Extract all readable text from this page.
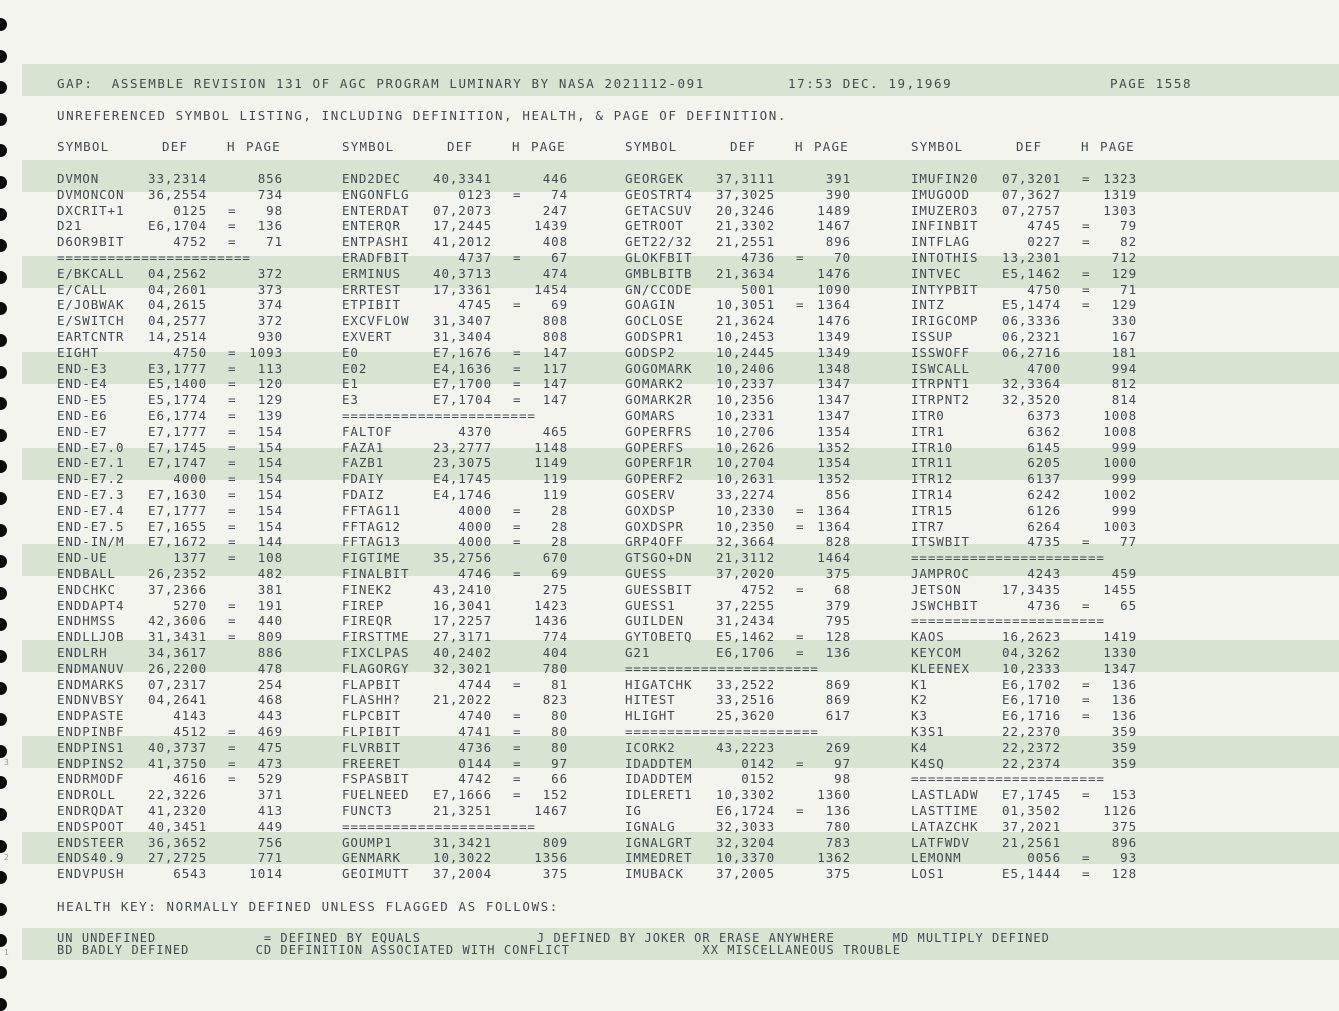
3
2
1
GAP:  ASSEMBLE REVISION 131 OF AGC PROGRAM LUMINARY BY NASA 2021112-091	17:53 DEC. 19,1969	PAGE 1558
UNREFERENCED SYMBOL LISTING, INCLUDING DEFINITION, HEALTH, & PAGE OF DEFINITION.
SYMBOL	DEF	H PAGE	SYMBOL	DEF	H PAGE	SYMBOL	DEF	H PAGE	SYMBOL	DEF	H PAGE
DVMON	33,2314	856
DVMONCON 36,2554	734
DXCRIT+1	0125 = 98
D21	E6,1704 = 136
D6OR9BIT	4752 = 71
=======================
E/BKCALL 04,2562	372
E/CALL	04,2601	373
E/JOBWAK 04,2615	374
E/SWITCH 04,2577	372
EARTCNTR 14,2514	930
EIGHT	4750 = 1093
END-E3	E3,1777 = 113
END-E4	E5,1400 = 120
END-E5	E5,1774 = 129
END-E6	E6,1774 = 139
END-E7	E7,1777 = 154
END-E7.0 E7,1745 = 154
END-E7.1 E7,1747 = 154
END-E7.2	4000 = 154
END-E7.3 E7,1630 = 154
END-E7.4 E7,1777 = 154
END-E7.5 E7,1655 = 154
END-IN/M E7,1672 = 144
END-UE	1377 = 108
ENDBALL	26,2352	482
ENDCHKC	37,2366	381
ENDDAPT4	5270 = 191
ENDHMSS	42,3606 = 440
ENDLLJOB 31,3431 = 809
ENDLRH	34,3617	886
ENDMANUV 26,2200	478
ENDMARKS 07,2317	254
ENDNVBSY 04,2641	468
ENDPASTE	4143	443
ENDPINBF	4512 = 469
ENDPINS1 40,3737 = 475
ENDPINS2 41,3750 = 473
ENDRMODF	4616 = 529
ENDROLL	22,3226	371
ENDRQDAT 41,2320	413
ENDSPOOT 40,3451	449
ENDSTEER 36,3652	756
ENDS40.9 27,2725	771
ENDVPUSH	6543	1014
END2DEC	40,3341	446
ENGONFLG	0123 = 74
ENTERDAT 07,2073	247
ENTERQR	17,2445	1439
ENTPASHI 41,2012	408
ERADFBIT	4737 = 67
ERMINUS	40,3713	474
ERRTEST	17,3361	1454
ETPIBIT	4745 = 69
EXCVFLOW 31,3407	808
EXVERT	31,3404	808
E0	E7,1676 = 147
E02	E4,1636 = 117
E1	E7,1700 = 147
E3	E7,1704 = 147
=======================
FALTOF	4370	465
FAZA1	23,2777	1148
FAZB1	23,3075	1149
FDAIY	E4,1745	119
FDAIZ	E4,1746	119
FFTAG11	4000 = 28
FFTAG12	4000 = 28
FFTAG13	4000 = 28
FIGTIME	35,2756	670
FINALBIT	4746 = 69
FINEK2	43,2410	275
FIREP	16,3041	1423
FIREQR	17,2257	1436
FIRSTTME 27,3171	774
FIXCLPAS 40,2402	404
FLAGORGY 32,3021	780
FLAPBIT	4744 = 81
FLASHH?	21,2022	823
FLPCBIT	4740 = 80
FLPIBIT	4741 = 80
FLVRBIT	4736 = 80
FREERET	0144 = 97
FSPASBIT	4742 = 66
FUELNEED E7,1666 = 152
FUNCT3	21,3251	1467
=======================
GOUMP1	31,3421	809
GENMARK	10,3022	1356
GEOIMUTT 37,2004	375
GEORGEK	37,3111	391
GEOSTRT4 37,3025	390
GETACSUV 20,3246	1489
GETROOT	21,3302	1467
GET22/32 21,2551	896
GLOKFBIT	4736 = 70
GMBLBITB 21,3634	1476
GN/CCODE	5001	1090
GOAGIN	10,3051 = 1364
GOCLOSE	21,3624	1476
GODSPR1	10,2453	1349
GODSP2	10,2445	1349
GOGOMARK 10,2406	1348
GOMARK2	10,2337	1347
GOMARK2R 10,2356	1347
GOMARS	10,2331	1347
GOPERFRS 10,2706	1354
GOPERFS	10,2626	1352
GOPERF1R 10,2704	1354
GOPERF2	10,2631	1352
GOSERV	33,2274	856
GOXDSP	10,2330 = 1364
GOXDSPR	10,2350 = 1364
GRP4OFF	32,3664	828
GTSGO+DN 21,3112	1464
GUESS	37,2020	375
GUESSBIT	4752 = 68
GUESS1	37,2255	379
GUILDEN	31,2434	795
GYTOBETQ E5,1462 = 128
G21	E6,1706 = 136
=======================
HIGATCHK 33,2522	869
HITEST	33,2516	869
HLIGHT	25,3620	617
=======================
ICORK2	43,2223	269
IDADDTEM	0142 = 97
IDADDTEM	0152	98
IDLERET1 10,3302	1360
IG	E6,1724 = 136
IGNALG	32,3033	780
IGNALGRT 32,3204	783
IMMEDRET 10,3370	1362
IMUBACK	37,2005	375
IMUFIN20 07,3201 = 1323
IMUGOOD	07,3627	1319
IMUZERO3 07,2757	1303
INFINBIT	4745 = 79
INTFLAG	0227 = 82
INTOTHIS 13,2301	712
INTVEC	E5,1462 = 129
INTYPBIT	4750 = 71
INTZ	E5,1474 = 129
IRIGCOMP 06,3336	330
ISSUP	06,2321	167
ISSWOFF	06,2716	181
ISWCALL	4700	994
ITRPNT1	32,3364	812
ITRPNT2	32,3520	814
ITR0	6373	1008
ITR1	6362	1008
ITR10	6145	999
ITR11	6205	1000
ITR12	6137	999
ITR14	6242	1002
ITR15	6126	999
ITR7	6264	1003
ITSWBIT	4735 = 77
=======================
JAMPROC	4243	459
JETSON	17,3435	1455
JSWCHBIT	4736 = 65
=======================
KAOS	16,2623	1419
KEYCOM	04,3262	1330
KLEENEX	10,2333	1347
K1	E6,1702 = 136
K2	E6,1710 = 136
K3	E6,1716 = 136
K3S1	22,2370	359
K4	22,2372	359
K4SQ	22,2374	359
=======================
LASTLADW E7,1745 = 153
LASTTIME 01,3502	1126
LATAZCHK 37,2021	375
LATFWDV	21,2561	896
LEMONM	0056 = 93
LOS1	E5,1444 = 128
HEALTH KEY: NORMALLY DEFINED UNLESS FLAGGED AS FOLLOWS:
UN UNDEFINED             = DEFINED BY EQUALS              J DEFINED BY JOKER OR ERASE ANYWHERE       MD MULTIPLY DEFINED
BD BADLY DEFINED        CD DEFINITION ASSOCIATED WITH CONFLICT                XX MISCELLANEOUS TROUBLE
